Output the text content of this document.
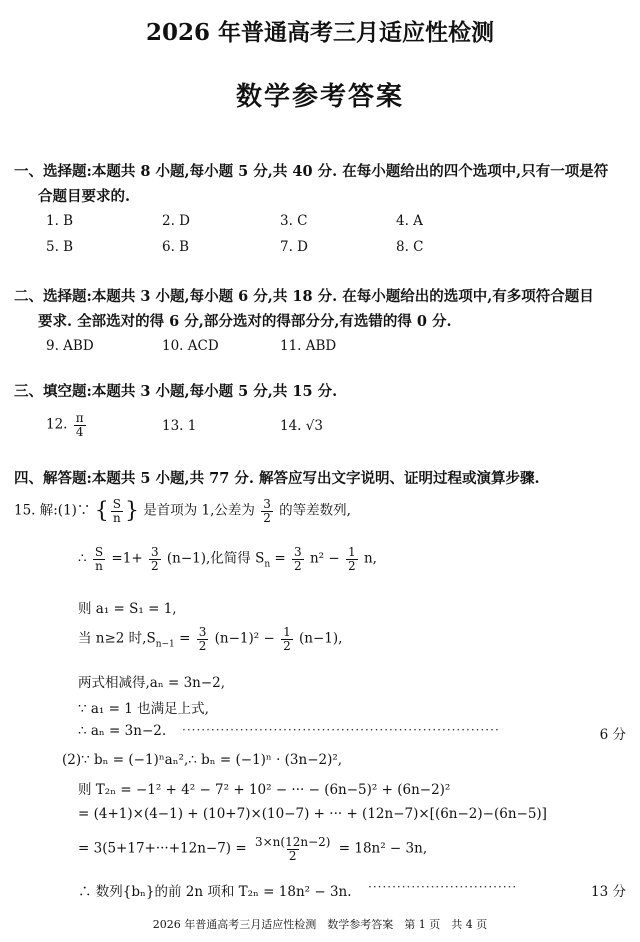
2026 年普通高考三月适应性检测
数学参考答案
一、选择题:本题共 8 小题,每小题 5 分,共 40 分. 在每小题给出的四个选项中,只有一项是符
合题目要求的.
1. B	2. D	3. C	4. A
5. B	6. B	7. D	8. C
二、选择题:本题共 3 小题,每小题 6 分,共 18 分. 在每小题给出的选项中,有多项符合题目
要求. 全部选对的得 6 分,部分选对的得部分分,有选错的得 0 分.
9. ABD	10. ACD	11. ABD
三、填空题:本题共 3 小题,每小题 5 分,共 15 分.
12. $\frac{\pi}{4}$	13. 1	14. √3
四、解答题:本题共 5 小题,共 77 分. 解答应写出文字说明、证明过程或演算步骤.
15. 解:(1)∵ { $\frac{S}{n}$ } 是首项为 1,公差为 $\frac{3}{2}$ 的等差数列,
∴ $\frac{S}{n} =1+ \frac{3}{2} (n-1)$,化简得 $S_n = \frac{3}{2} n^2 - \frac{1}{2} n$,
则 a₁ = S₁ = 1,
当 n≥2 时$,S_{n-1} = \frac{3}{2} (n-1)^2 - \frac{1}{2} (n-1)$,
两式相减得,aₙ = 3n−2,
∵ a₁ = 1 也满足上式,
∴ aₙ = 3n−2. ··································································	6 分
(2)∵ bₙ = (−1)ⁿaₙ²,∴ bₙ = (−1)ⁿ · (3n−2)²,
则 T₂ₙ = −1² + 4² − 7² + 10² − ··· − (6n−5)² + (6n−2)²
= (4+1)×(4−1) + (10+7)×(10−7) + ··· + (12n−7)×[(6n−2)−(6n−5)]
= $3(5+17+\cdot\cdot\cdot+12n-7) = \frac{3\times n(12n-2)}{2} = 18n^2 - 3n$,
∴ 数列{bₙ}的前 2n 项和 T₂ₙ = 18n² − 3n. ·······························	13 分
2026 年普通高考三月适应性检测　数学参考答案　第 1 页　共 4 页
